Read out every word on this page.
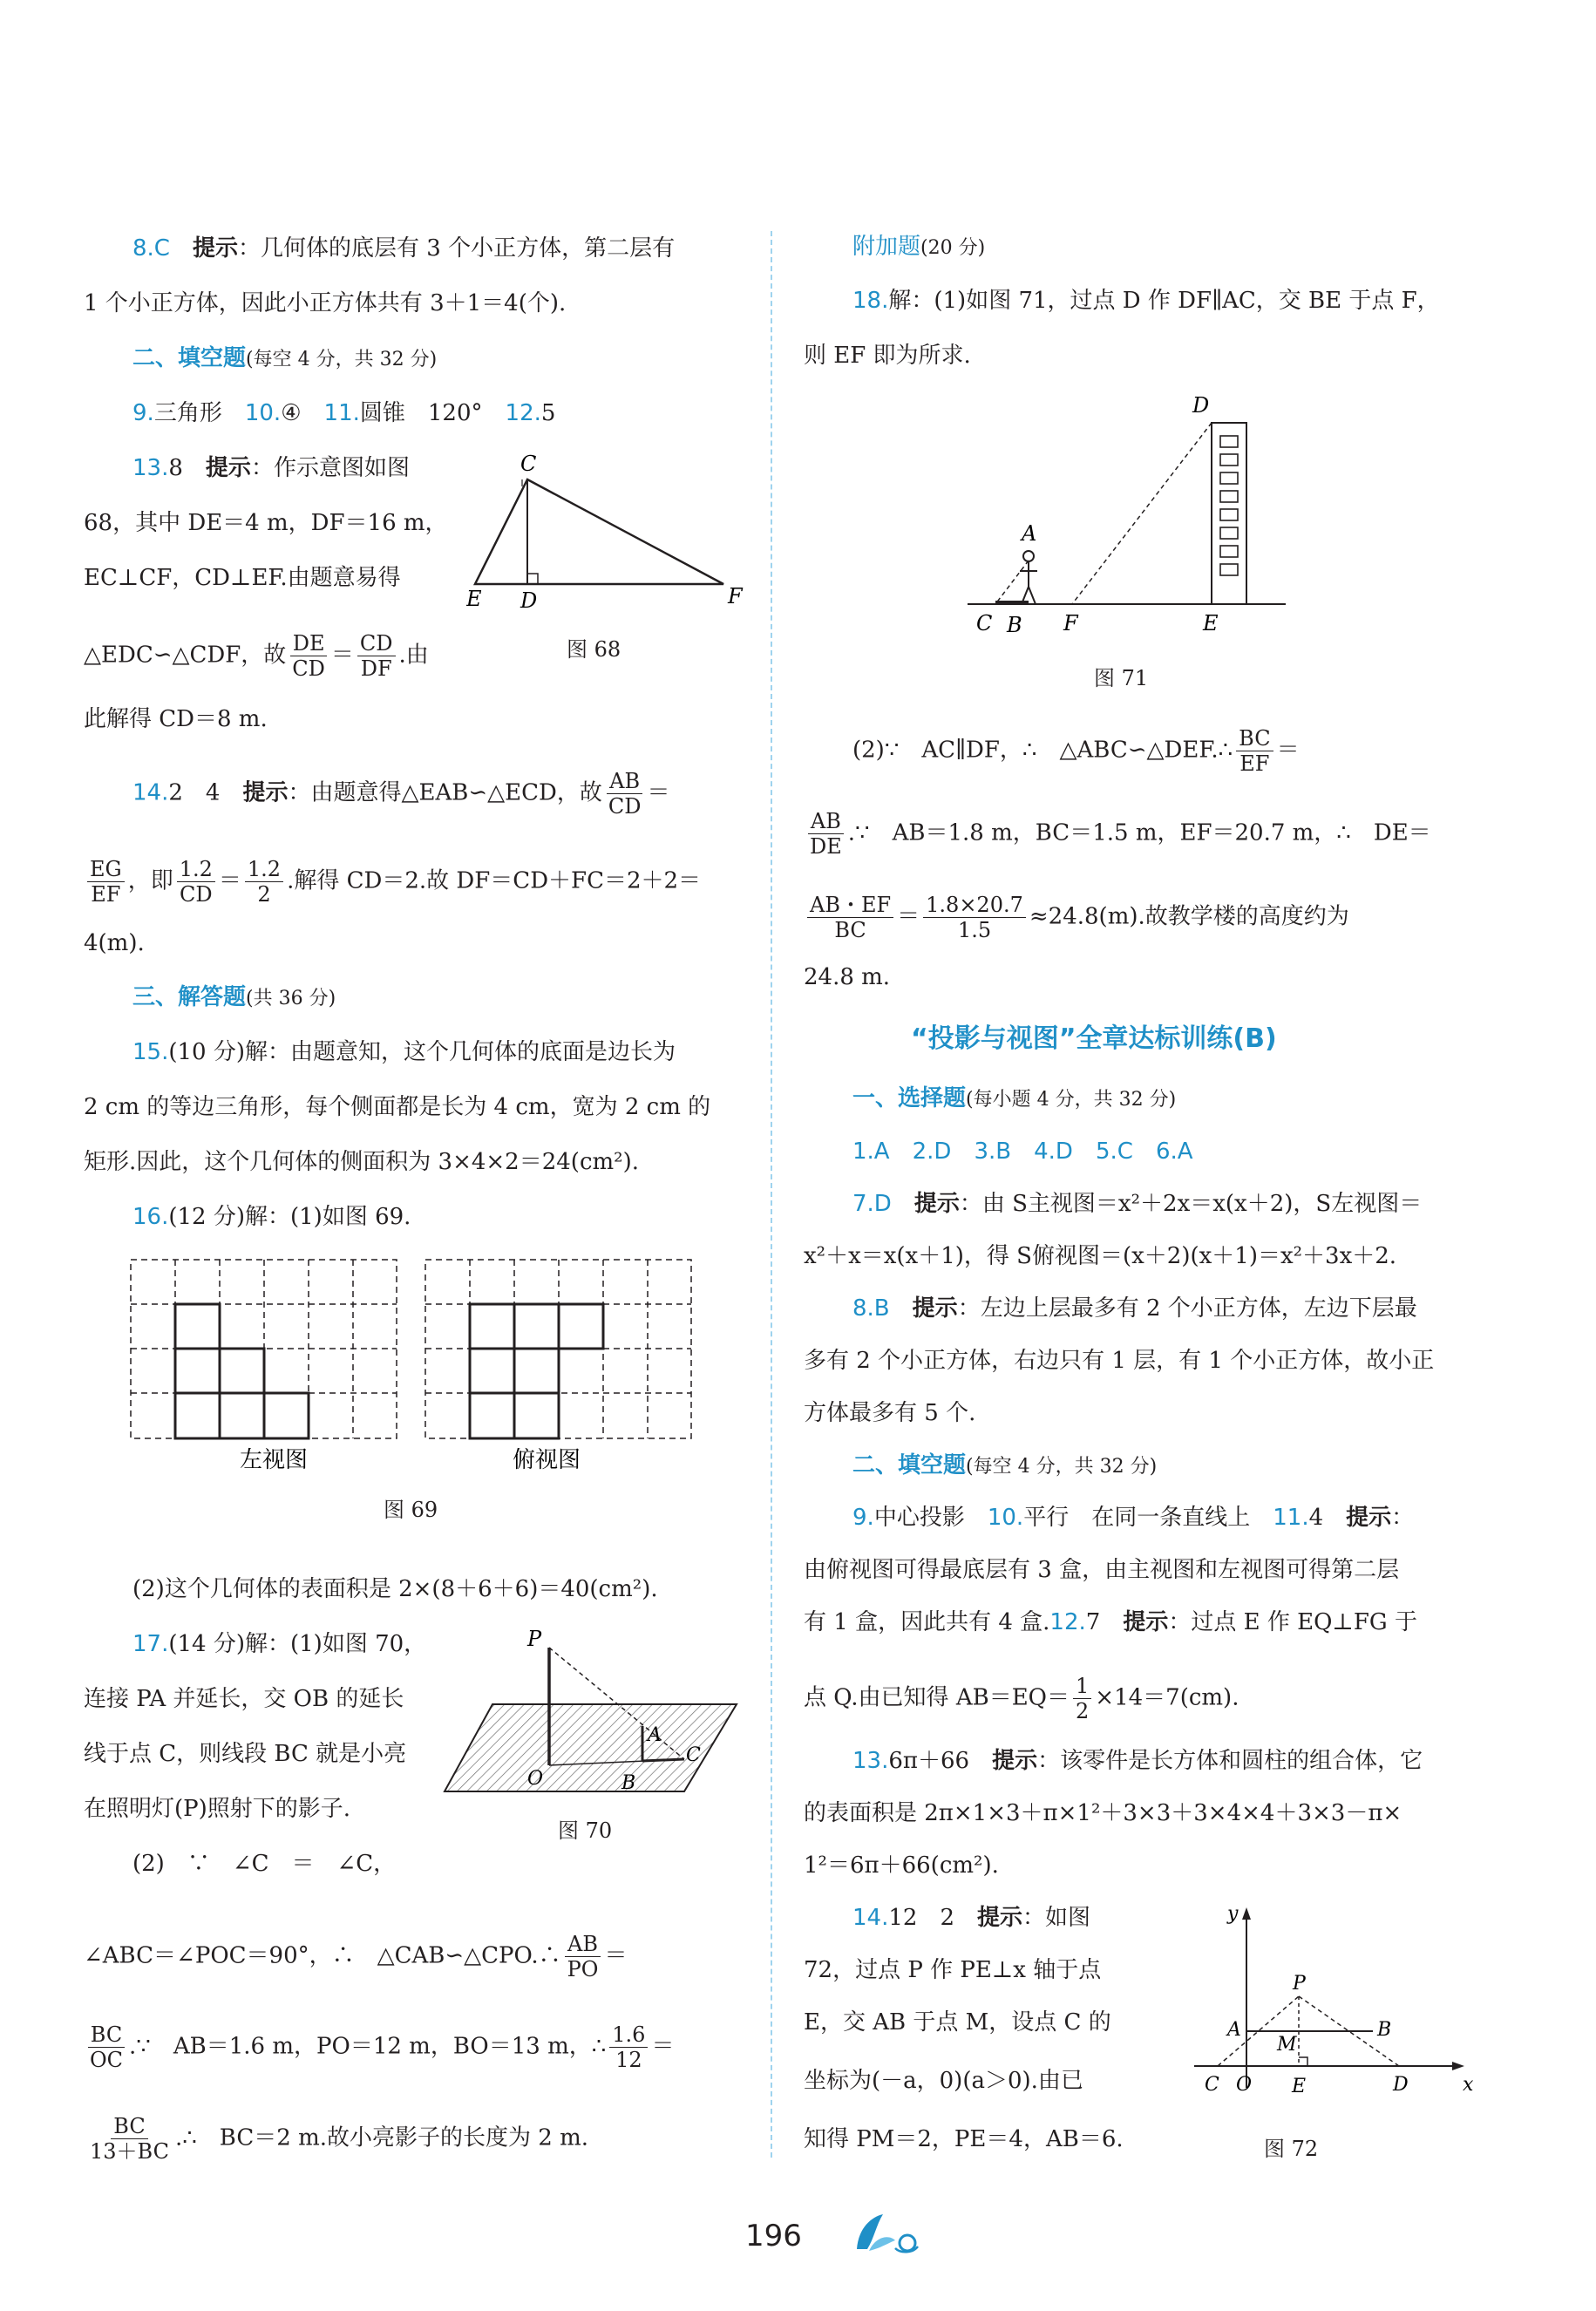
8.C　 提示：几何体的底层有 3 个小正方体，第二层有
1 个小正方体，因此小正方体共有 3＋1＝4(个).
二、填空题(每空 4 分，共 32 分)
9.三角形　 10.④　 11.圆锥　120°　 12.5
13.8　 提示：作示意图如图
68，其中 DE＝4 m，DF＝16 m，
EC⊥CF，CD⊥EF.由题意易得
△EDC∽△CDF，故 $\frac{DE}{CD} = \frac{CD}{DF}$ .由
此解得 CD＝8 m.
C
E D	F
图 68
14.2　4　 提示：由题意得△EAB∽△ECD，故 $\frac{AB}{CD}$ ＝
$\frac{EG}{EF}$ ，即 $\frac{1.2}{CD} = \frac{1.2}{2}$ .解得 CD＝2.故 DF＝CD＋FC＝2＋2＝
4(m).
三、解答题(共 36 分)
15.(10 分)解：由题意知，这个几何体的底面是边长为
2 cm 的等边三角形，每个侧面都是长为 4 cm，宽为 2 cm 的
矩形.因此，这个几何体的侧面积为 3×4×2＝24(cm²).
16.(12 分)解：(1)如图 69.
左视图	俯视图
图 69
(2)这个几何体的表面积是 2×(8＋6＋6)＝40(cm²).
17.(14 分)解：(1)如图 70，
连接 PA 并延长，交 OB 的延长
线于点 C，则线段 BC 就是小亮
在照明灯(P)照射下的影子.
(2)　∵　∠C　＝　∠C，
∠ABC＝∠POC＝90°，∴　△CAB∽△CPO.∴ $\frac{AB}{PO}$ ＝
$\frac{BC}{OC}$ .∵　AB＝1.6 m，PO＝12 m，BO＝13 m，∴ $\frac{1.6}{12}$ ＝
$\frac{BC}{13+BC}$ .∴　BC＝2 m.故小亮影子的长度为 2 m.
P
A
C
O	B
图 70
附加题(20 分)
18.解：(1)如图 71，过点 D 作 DF∥AC，交 BE 于点 F，
则 EF 即为所求.
D
A
C B F	E
图 71
(2)∵　AC∥DF，∴　△ABC∽△DEF.∴ $\frac{BC}{EF}$ ＝
$\frac{AB}{DE}$ .∵　AB＝1.8 m，BC＝1.5 m，EF＝20.7 m，∴　DE＝
$\frac{AB・EF}{BC} = \frac{1.8\times 20.7}{1.5} \approx 24.8(m)$.故教学楼的高度约为
24.8 m.
“投影与视图”全章达标训练(B)
一、选择题(每小题 4 分，共 32 分)
1.A　 2.D　 3.B　 4.D　 5.C　 6.A
7.D　 提示：由 S主视图＝x²＋2x＝x(x＋2)，S左视图＝
x²＋x＝x(x＋1)，得 S俯视图＝(x＋2)(x＋1)＝x²＋3x＋2.
8.B　 提示：左边上层最多有 2 个小正方体，左边下层最
多有 2 个小正方体，右边只有 1 层，有 1 个小正方体，故小正
方体最多有 5 个.
二、填空题(每空 4 分，共 32 分)
9.中心投影　 10.平行　在同一条直线上　 11.4　 提示：
由俯视图可得最底层有 3 盒，由主视图和左视图可得第二层
有 1 盒，因此共有 4 盒.12.7　 提示：过点 E 作 EQ⊥FG 于
点 Q.由已知得 $AB=EQ= \frac{1}{2} \times 14=7(cm)$.
13.6π＋66　 提示：该零件是长方体和圆柱的组合体，它
的表面积是 2π×1×3＋π×1²＋3×3＋3×4×4＋3×3－π×
1²＝6π＋66(cm²).
14.12　2　 提示：如图
72，过点 P 作 PE⊥x 轴于点
E，交 AB 于点 M，设点 C 的
坐标为(－a，0)(a＞0).由已
知得 PM＝2，PE＝4，AB＝6.
y
x
P
A	B
M
C O E	D
图 72
196
